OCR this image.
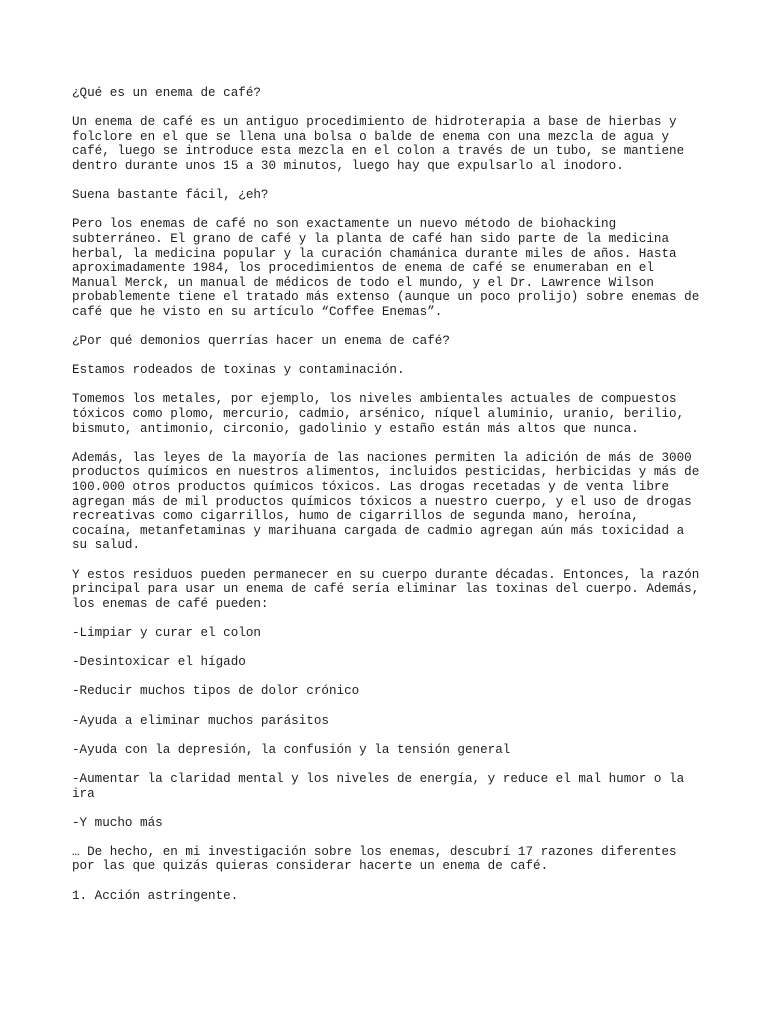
¿Qué es un enema de café?

Un enema de café es un antiguo procedimiento de hidroterapia a base de hierbas y
folclore en el que se llena una bolsa o balde de enema con una mezcla de agua y
café, luego se introduce esta mezcla en el colon a través de un tubo, se mantiene
dentro durante unos 15 a 30 minutos, luego hay que expulsarlo al inodoro.

Suena bastante fácil, ¿eh?

Pero los enemas de café no son exactamente un nuevo método de biohacking
subterráneo. El grano de café y la planta de café han sido parte de la medicina
herbal, la medicina popular y la curación chamánica durante miles de años. Hasta
aproximadamente 1984, los procedimientos de enema de café se enumeraban en el
Manual Merck, un manual de médicos de todo el mundo, y el Dr. Lawrence Wilson
probablemente tiene el tratado más extenso (aunque un poco prolijo) sobre enemas de
café que he visto en su artículo “Coffee Enemas”.

¿Por qué demonios querrías hacer un enema de café?

Estamos rodeados de toxinas y contaminación.

Tomemos los metales, por ejemplo, los niveles ambientales actuales de compuestos
tóxicos como plomo, mercurio, cadmio, arsénico, níquel aluminio, uranio, berilio,
bismuto, antimonio, circonio, gadolinio y estaño están más altos que nunca.

Además, las leyes de la mayoría de las naciones permiten la adición de más de 3000
productos químicos en nuestros alimentos, incluidos pesticidas, herbicidas y más de
100.000 otros productos químicos tóxicos. Las drogas recetadas y de venta libre
agregan más de mil productos químicos tóxicos a nuestro cuerpo, y el uso de drogas
recreativas como cigarrillos, humo de cigarrillos de segunda mano, heroína,
cocaína, metanfetaminas y marihuana cargada de cadmio agregan aún más toxicidad a
su salud.

Y estos residuos pueden permanecer en su cuerpo durante décadas. Entonces, la razón
principal para usar un enema de café sería eliminar las toxinas del cuerpo. Además,
los enemas de café pueden:

-Limpiar y curar el colon

-Desintoxicar el hígado

-Reducir muchos tipos de dolor crónico

-Ayuda a eliminar muchos parásitos

-Ayuda con la depresión, la confusión y la tensión general

-Aumentar la claridad mental y los niveles de energía, y reduce el mal humor o la
ira

-Y mucho más

… De hecho, en mi investigación sobre los enemas, descubrí 17 razones diferentes
por las que quizás quieras considerar hacerte un enema de café.

1. Acción astringente.
